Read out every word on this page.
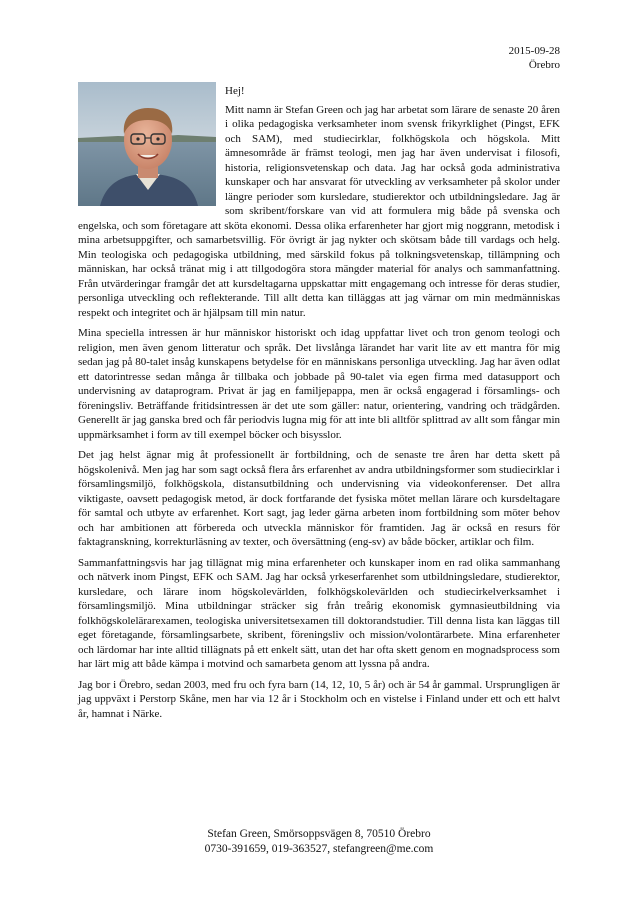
2015-09-28
Örebro
Hej!

Mitt namn är Stefan Green och jag har arbetat som lärare de senaste 20 åren i olika pedagogiska verksamheter inom svensk frikyrklighet (Pingst, EFK och SAM), med studiecirklar, folkhögskola och högskola. Mitt ämnesområde är främst teologi, men jag har även undervisat i filosofi, historia, religionsvetenskap och data. Jag har också goda administrativa kunskaper och har ansvarat för utveckling av verksamheter på skolor under längre perioder som kursledare, studierektor och utbildningsledare. Jag är som skribent/forskare van vid att formulera mig både på svenska och engelska, och som företagare att sköta ekonomi. Dessa olika erfarenheter har gjort mig noggrann, metodisk i mina arbetsuppgifter, och samarbetsvillig. För övrigt är jag nykter och skötsam både till vardags och helg. Min teologiska och pedagogiska utbildning, med särskild fokus på tolkningsvetenskap, tillämpning och människan, har också tränat mig i att tillgodogöra stora mängder material för analys och sammanfattning. Från utvärderingar framgår det att kursdeltagarna uppskattar mitt engagemang och intresse för deras studier, personliga utveckling och reflekterande. Till allt detta kan tilläggas att jag värnar om min medmänniskas respekt och integritet och är hjälpsam till min natur.

Mina speciella intressen är hur människor historiskt och idag uppfattar livet och tron genom teologi och religion, men även genom litteratur och språk. Det livslånga lärandet har varit lite av ett mantra för mig sedan jag på 80-talet insåg kunskapens betydelse för en människans personliga utveckling. Jag har även odlat ett datorintresse sedan många år tillbaka och jobbade på 90-talet via egen firma med datasupport och undervisning av dataprogram. Privat är jag en familjepappa, men är också engagerad i församlings- och föreningsliv. Beträffande fritidsintressen är det ute som gäller: natur, orientering, vandring och trädgården. Generellt är jag ganska bred och får periodvis lugna mig för att inte bli alltför splittrad av allt som fångar min uppmärksamhet i form av till exempel böcker och bisysslor.

Det jag helst ägnar mig åt professionellt är fortbildning, och de senaste tre åren har detta skett på högskolenivå. Men jag har som sagt också flera års erfarenhet av andra utbildningsformer som studiecirklar i församlingsmiljö, folkhögskola, distansutbildning och undervisning via videokonferenser. Det allra viktigaste, oavsett pedagogisk metod, är dock fortfarande det fysiska mötet mellan lärare och kursdeltagare för samtal och utbyte av erfarenhet. Kort sagt, jag leder gärna arbeten inom fortbildning som möter behov och har ambitionen att förbereda och utveckla människor för framtiden. Jag är också en resurs för faktagranskning, korrekturläsning av texter, och översättning (eng-sv) av både böcker, artiklar och film.

Sammanfattningsvis har jag tillägnat mig mina erfarenheter och kunskaper inom en rad olika sammanhang och nätverk inom Pingst, EFK och SAM. Jag har också yrkeserfarenhet som utbildningsledare, studierektor, kursledare, och lärare inom högskolevärlden, folkhögskolevärlden och studiecirkelverksamhet i församlingsmiljö. Mina utbildningar sträcker sig från treårig ekonomisk gymnasieutbildning via folkhögskolelärarexamen, teologiska universitetsexamen till doktorandstudier. Till denna lista kan läggas till eget företagande, församlingsarbete, skribent, föreningsliv och mission/volontärarbete. Mina erfarenheter och lärdomar har inte alltid tillägnats på ett enkelt sätt, utan det har ofta skett genom en mognadsprocess som har lärt mig att både kämpa i motvind och samarbeta genom att lyssna på andra.

Jag bor i Örebro, sedan 2003, med fru och fyra barn (14, 12, 10, 5 år) och är 54 år gammal. Ursprungligen är jag uppväxt i Perstorp Skåne, men har via 12 år i Stockholm och en vistelse i Finland under ett och ett halvt år, hamnat i Närke.

Stefan Green, Smörsoppsvägen 8, 70510 Örebro
0730-391659, 019-363527, stefangreen@me.com
